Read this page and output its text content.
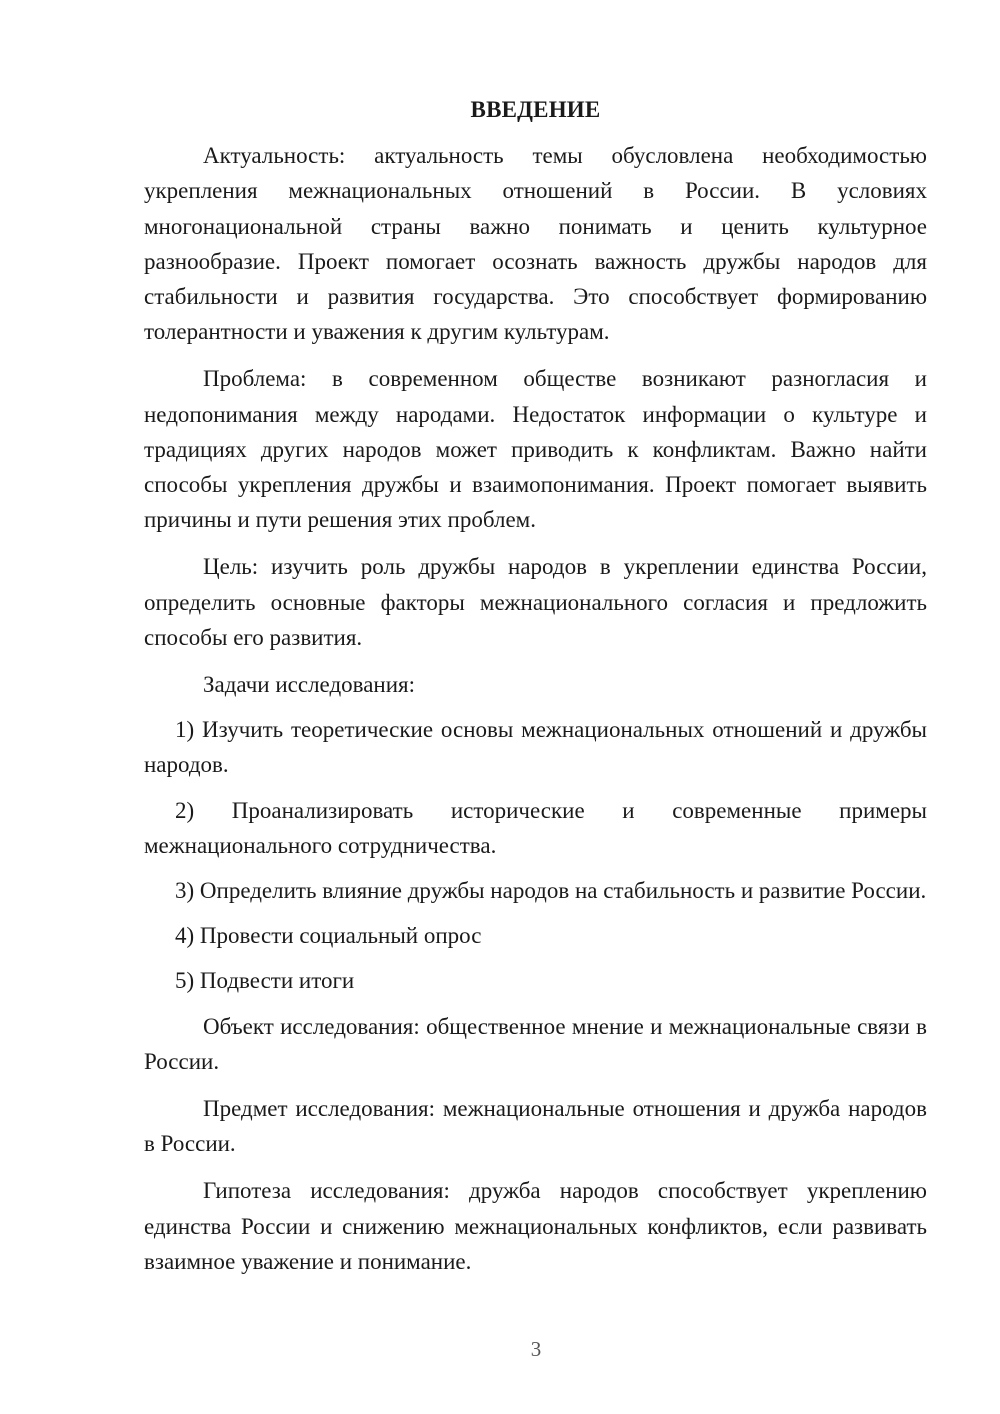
ВВЕДЕНИЕ

Актуальность: актуальность темы обусловлена необходимостью укрепления межнациональных отношений в России. В условиях многонациональной страны важно понимать и ценить культурное разнообразие. Проект помогает осознать важность дружбы народов для стабильности и развития государства. Это способствует формированию толерантности и уважения к другим культурам.

Проблема: в современном обществе возникают разногласия и недопонимания между народами. Недостаток информации о культуре и традициях других народов может приводить к конфликтам. Важно найти способы укрепления дружбы и взаимопонимания. Проект помогает выявить причины и пути решения этих проблем.

Цель: изучить роль дружбы народов в укреплении единства России, определить основные факторы межнационального согласия и предложить способы его развития.

Задачи исследования:

1) Изучить теоретические основы межнациональных отношений и дружбы народов.

2) Проанализировать исторические и современные примеры межнационального сотрудничества.

3) Определить влияние дружбы народов на стабильность и развитие России.

4) Провести социальный опрос

5) Подвести итоги

Объект исследования: общественное мнение и межнациональные связи в России.

Предмет исследования: межнациональные отношения и дружба народов в России.

Гипотеза исследования: дружба народов способствует укреплению единства России и снижению межнациональных конфликтов, если развивать взаимное уважение и понимание.

3
